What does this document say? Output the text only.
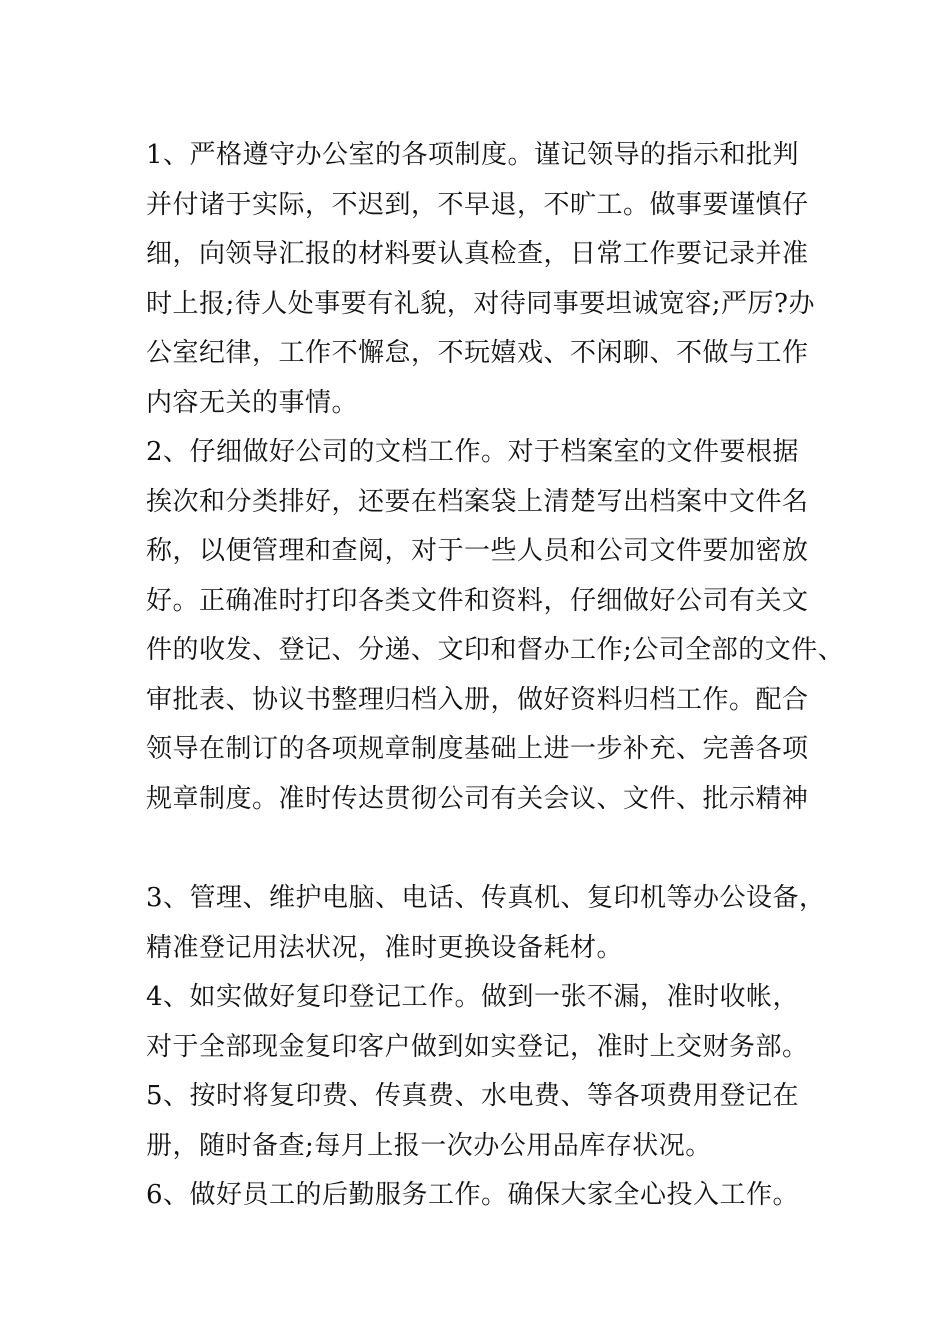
1、严格遵守办公室的各项制度。谨记领导的指示和批判
并付诸于实际，不迟到，不早退，不旷工。做事要谨慎仔
细，向领导汇报的材料要认真检查，日常工作要记录并准
时上报;待人处事要有礼貌，对待同事要坦诚宽容;严厉?办
公室纪律，工作不懈怠，不玩嬉戏、不闲聊、不做与工作
内容无关的事情。
2、仔细做好公司的文档工作。对于档案室的文件要根据
挨次和分类排好，还要在档案袋上清楚写出档案中文件名
称，以便管理和查阅，对于一些人员和公司文件要加密放
好。正确准时打印各类文件和资料，仔细做好公司有关文
件的收发、登记、分递、文印和督办工作;公司全部的文件、
审批表、协议书整理归档入册，做好资料归档工作。配合
领导在制订的各项规章制度基础上进一步补充、完善各项
规章制度。准时传达贯彻公司有关会议、文件、批示精神
3、管理、维护电脑、电话、传真机、复印机等办公设备，
精准登记用法状况，准时更换设备耗材。
4、如实做好复印登记工作。做到一张不漏，准时收帐，
对于全部现金复印客户做到如实登记，准时上交财务部。
5、按时将复印费、传真费、水电费、等各项费用登记在
册，随时备查;每月上报一次办公用品库存状况。
6、做好员工的后勤服务工作。确保大家全心投入工作。
